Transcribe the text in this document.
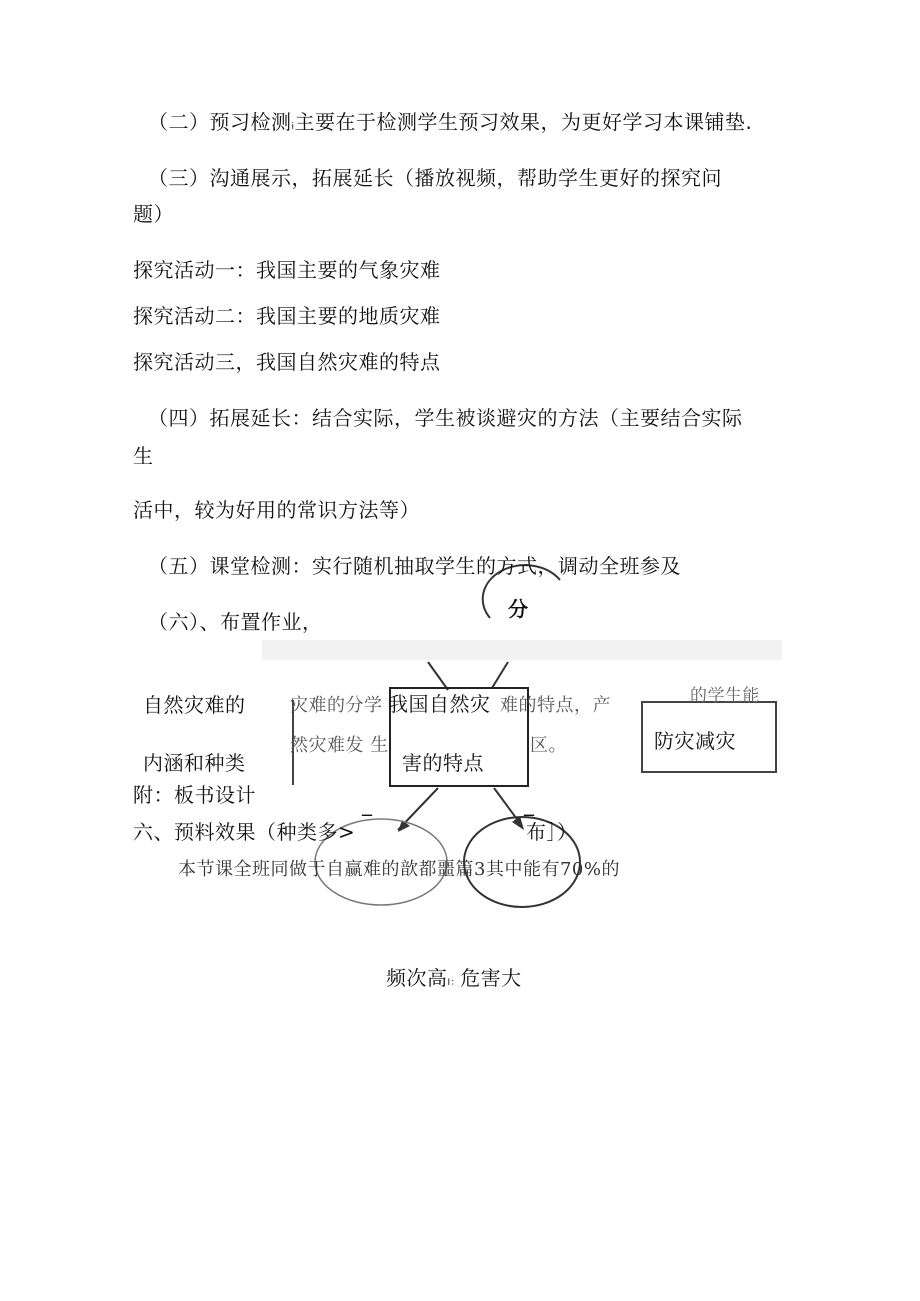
（二）预习检测i主要在于检测学生预习效果，为更好学习本课铺垫.
（三）沟通展示，拓展延长（播放视频，帮助学生更好的探究问
题）
探究活动一：我国主要的气象灾难
探究活动二：我国主要的地质灾难
探究活动三，我国自然灾难的特点
（四）拓展延长：结合实际，学生被谈避灾的方法（主要结合实际
生
活中，较为好用的常识方法等）
（五）课堂检测：实行随机抽取学生的方式，调动全班参及
（六）、布置作业，
分
自然灾难的
内涵和种类
灾难的分学
然灾难发 生
我国自然灾
害的特点
难的特点，产
区。	防灾减灾
的学生能
附：板书设计	_	_
六、预料效果（种类多>	布］）
本节课全班同做于自赢难的歆都噩篇3其中能有70%的
频次高I：危害大
